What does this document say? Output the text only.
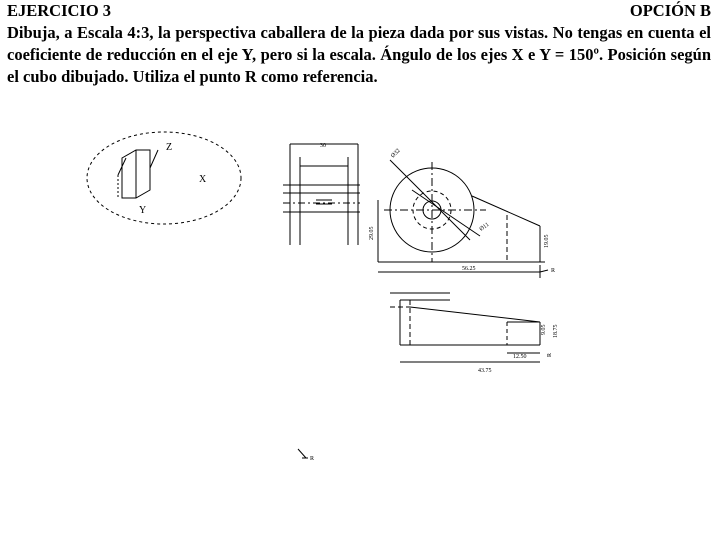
EJERCICIO 3	OPCIÓN B
Dibuja, a Escala 4:3, la perspectiva caballera de la pieza dada por sus vistas. No tengas en cuenta el coeficiente de reducción en el eje Y, pero si la escala. Ángulo de los ejes X e Y = 150º. Posición según el cubo dibujado. Utiliza el punto R como referencia.
Z
X
Y
30
Ø32
Ø11
29.05
19.05
56.25	R
9.05 18.75
12.50
43.75
R
R
